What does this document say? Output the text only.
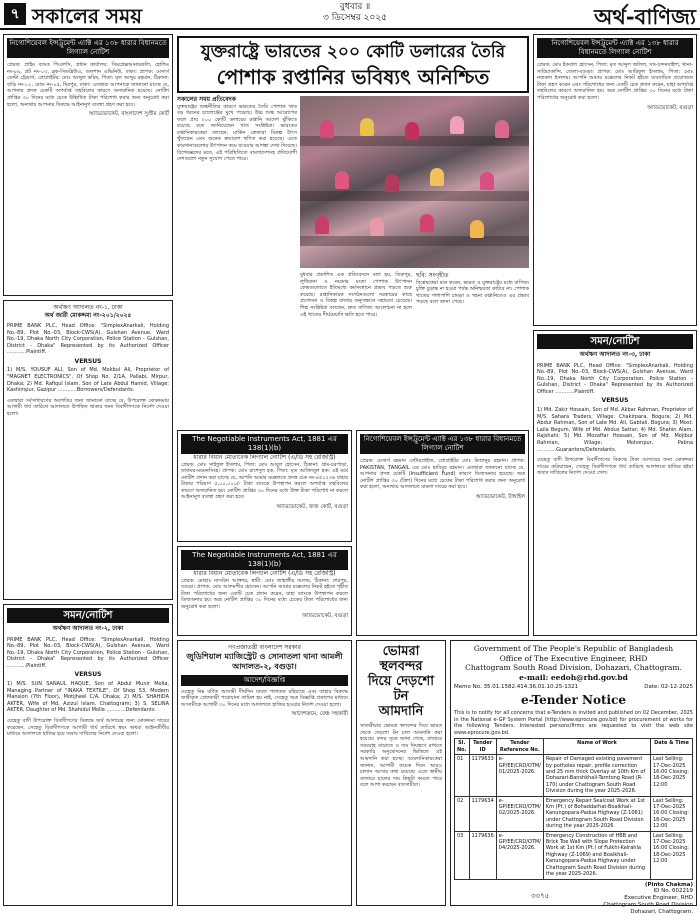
৭ সকালের সময়	বুধবার ॥
৩ ডিসেম্বর ২০২৫	অর্থ-বাণিজ্য
নিগোশিয়েবল ইন্সট্রুমেন্ট এ্যাক্ট এর ১৩৮ ধারার বিধানমতে লিগ্যাল নোটিশ
প্রেরক: প্রাইম ব্যাংক পিএলসি, প্রধান কার্যালয়: সিমপ্লেক্সআনারকলি, হোল্ডিং নং-৮৯, প্লট নং-০৩, ব্লক-সিডব্লিউএ, গুলশান এভিনিউ, ঢাকা। প্রাপক: মেসার্স ডেল্টা ট্রেডার্স, প্রোপ্রাইটর: মোঃ আব্দুল করিম, পিতা: মৃত আব্দুর রহমান, ঠিকানা: বাড়ি নং-১২, রোড নং-০৫, মিরপুর, ঢাকা। এতদ্বারা আপনাকে জানানো যাচ্ছে যে, আপনার প্রদত্ত চেকটি অপর্যাপ্ত তহবিলের কারণে অসম্মানিত হয়েছে। নোটিশ প্রাপ্তির ৩০ দিনের মধ্যে চেকে উল্লিখিত টাকা পরিশোধ করার জন্য অনুরোধ করা হলো, অন্যথায় আপনার বিরুদ্ধে আইনানুগ ব্যবস্থা গ্রহণ করা হবে।
অ্যাডভোকেট, বাংলাদেশ সুপ্রীম কোর্ট
অর্থঋণ আদালত নং-১, ঢাকা
অর্থ জারী মোকদ্দমা নং-২০১/২০২৫
PRIME BANK PLC, Head Office: "SimplexAnarkali, Holding No.-89, Plot No.-03, Block-CWS(A), Gulshan Avenue, Ward No.-19, Dhaka North City Corporation, Police Station - Gulshan, District - Dhaka" Represented by its Authorized Officer ............Plaintiff.
VERSUS
1) M/S. YOUSUF ALI, Son of Md. Mokbul Ali, Proprietor of "MAGNET ELECTRONICS", Of Shop No. 2/1A, Pallabi, Mirpur, Dhaka; 2) Md. Rafiqul Islam, Son of Late Abdul Hamid, Village: Kashimpur, Gazipur ............Borrowers/Defendants.
এতদ্বারা সর্বসাধারণের অবগতির জন্য জানানো যাচ্ছে যে, উপরোক্ত মোকদ্দমায় আগামী ধার্য তারিখে আদালতে উপস্থিত থাকার জন্য বিবাদীগণকে নির্দেশ দেওয়া হলো।
সমন/নোটিশ
অর্থঋণ আদালত নং-২, ঢাকা
PRIME BANK PLC, Head Office: "SimplexAnarkali, Holding No.-89, Plot No.-03, Block-CWS(A), Gulshan Avenue, Ward No.-19, Dhaka North City Corporation, Police Station - Gulshan, District - Dhaka" Represented by its Authorized Officer ............Plaintiff.
VERSUS
1) M/S. SUN SANAUL HAQUE, Son of Abdul Munir Molla, Managing Partner of "INAKA TEXTILE", Of Shop 53, Modern Mansion (7th Floor), Motijheel C/A, Dhaka; 2) M/S. SHAHIDA AKTER, Wife of Md. Azizul Islam, Chattogram; 3) S. SELINA AKTER, Daughter of Md. Shahidul Molla ............Defendants.
যেহেতু বাদী উপরোক্ত বিবাদীগণের বিরুদ্ধে অর্থ আদায়ের জন্য মোকদ্দমা দায়ের করেছেন, সেহেতু বিবাদীগণকে আগামী ধার্য তারিখে স্বয়ং অথবা আইনজীবীর মাধ্যমে আদালতে হাজির হয়ে জবাব দাখিলের নির্দেশ দেওয়া হলো।
যুক্তরাষ্ট্রে ভারতের ২০০ কোটি ডলারের তৈরি
পোশাক রপ্তানির ভবিষ্যৎ অনিশ্চিত
সকালের সময় প্রতিবেদক
যুক্তরাষ্ট্রের শুল্কনীতির কারণে ভারতের তৈরি পোশাক খাত বড় ধরনের চ্যালেঞ্জের মুখে পড়েছে। উচ্চ শুল্ক আরোপের ফলে প্রায় ২০০ কোটি ডলারের রপ্তানি আদেশ ঝুঁকিতে রয়েছে বলে জানিয়েছেন খাত সংশ্লিষ্টরা। ভারতের রপ্তানিকারকেরা বলছেন, মার্কিন ক্রেতারা বিকল্প উৎস খুঁজছেন এবং অনেক ক্রয়াদেশ স্থগিত করা হয়েছে। এতে কারখানাগুলোর উৎপাদন কমে যাওয়ার আশঙ্কা দেখা দিয়েছে। বিশেষজ্ঞদের মতে, এই পরিস্থিতিতে বাংলাদেশসহ প্রতিযোগী দেশগুলো নতুন সুযোগ পেতে পারে।
বুধবার প্রকাশিত এক প্রতিবেদনে বলা হয়, তিরুপুর, লুধিয়ানা ও নয়ডার মতো পোশাক উৎপাদন কেন্দ্রগুলোতে ইতিমধ্যে কর্মসংস্থানে প্রভাব পড়তে শুরু করেছে। রপ্তানিকারক সংগঠনগুলো সরকারের কাছে প্রণোদনা ও বিকল্প বাজার অনুসন্ধানে সহায়তা চেয়েছে। শিল্প সংশ্লিষ্টরা বলছেন, দ্রুত বাণিজ্য আলোচনা না হলে এই খাতের দীর্ঘমেয়াদি ক্ষতি হতে পারে।
ছবি: সংগৃহীত
বিশ্লেষকেরা মনে করেন, ভারত ও যুক্তরাষ্ট্রের মধ্যে বাণিজ্য চুক্তি চূড়ান্ত না হওয়া পর্যন্ত অনিশ্চয়তা কাটবে না। পোশাক খাতের পাশাপাশি চামড়া ও গহনা রপ্তানিতেও এর প্রভাব পড়ছে বলে জানা গেছে।
The Negotiable Instruments Act, 1881 এর 138(1)(b)
ধারার বিধান মোতাবেক লিগ্যাল নোটিশ (এ/ডি সহ রেজিস্ট্রি)
প্রেরক: মোঃ সাইফুল ইসলাম, পিতা: মোঃ আবুল হোসেন, ঠিকানা: গ্রাম-চরপাড়া, ডাকঘর-ময়মনসিংহ। প্রাপক: মোঃ রাশেদুল হক, পিতা: মৃত আজিজুল হক। এই মর্মে নোটিশ প্রদান করা যাচ্ছে যে, আপনি আমার মক্কেলকে প্রদত্ত চেক নং-৪৫১২৩৬ যাহার টাকার পরিমাণ ৫,০০,০০০/- টাকা ব্যাংকে উপস্থাপন করলে অপর্যাপ্ত তহবিলের কারণে অসম্মানিত হয়। নোটিশ প্রাপ্তির ৩০ দিনের মধ্যে উক্ত টাকা পরিশোধ না করলে আইনানুগ ব্যবস্থা গ্রহণ করা হবে।
অ্যাডভোকেট, জজ কোর্ট, বগুড়া
The Negotiable Instruments Act, 1881 এর 138(1)(b)
ধারার বিধান মোতাবেক লিগ্যাল নোটিশ (এ/ডি সহ রেজিস্ট্রি)
প্রেরক: মোছাঃ নাসরিন আক্তার, স্বামী: মোঃ জাহাঙ্গীর আলম, ঠিকানা: শেরপুর, বগুড়া। প্রাপক: মোঃ আলমগীর হোসেন। আপনি আমার মক্কেলের নিকট হইতে গৃহীত টাকা পরিশোধের জন্য একটি চেক প্রদান করেন, যাহা ব্যাংকে উপস্থাপন করলে ডিজঅনার হয়। অত্র নোটিশ প্রাপ্তির ৩০ দিনের মধ্যে চেকের টাকা পরিশোধের জন্য অনুরোধ করা হলো।
অ্যাডভোকেট, বগুড়া
নিগোশিয়েবল ইন্সট্রুমেন্ট এ্যাক্ট এর ১৩৮ ধারার বিধানমতে লিগ্যাল নোটিশ
প্রেরক: মেসার্স রহমান এন্টারপ্রাইজ, প্রোপ্রাইটর মোঃ মিজানুর রহমান। প্রাপক: PAKISTAN, TANGAIL এর মোঃ হাবিবুর রহমান। এতদ্বারা জানানো যাচ্ছে যে, আপনার প্রদত্ত চেকটি (Insufficient Fund) কারণে ডিজঅনার হয়েছে। অত্র নোটিশ প্রাপ্তির ৩০ (ত্রিশ) দিনের মধ্যে চেকের টাকা পরিশোধ করার জন্য অনুরোধ করা হলো, অন্যথায় আদালতে মামলা দায়ের করা হবে।
অ্যাডভোকেট, টাঙ্গাইল
গণপ্রজাতন্ত্রী বাংলাদেশ সরকার
জুডিশিয়াল ম্যাজিস্ট্রেট ও সোনাতলা থানা আমলী আদালত-২, বগুড়া।
আদেশ/বিজ্ঞপ্তি
যেহেতু নিম্ন বর্ণিত আসামী দীর্ঘদিন যাবত পলাতক রহিয়াছে এবং তাহার বিরুদ্ধে জারীকৃত গ্রেফতারী পরোয়ানা তামিল হয় নাই, সেহেতু অত্র বিজ্ঞপ্তি প্রকাশের মাধ্যমে আসামীকে আগামী ৩০ দিনের মধ্যে আদালতে হাজির হওয়ার নির্দেশ দেওয়া হলো।
আদেশক্রমে, বেঞ্চ সহকারী
ভোমরা স্থলবন্দর
দিয়ে দেড়শো টন
আমদানি
সাতক্ষীরার ভোমরা স্থলবন্দর দিয়ে ভারত থেকে দেড়শো টন চাল আমদানি করা হয়েছে। বন্দর সূত্রে জানা গেছে, বাজারে সরবরাহ বাড়াতে ও দাম নিয়ন্ত্রণে রাখতে সরকারি অনুমোদনের ভিত্তিতে এই আমদানি করা হচ্ছে। আমদানিকারকেরা জানান, আগামী কয়েক দিনে আরও চালান আসার কথা রয়েছে। এতে স্থানীয় বাজারে চালের দাম কিছুটা কমতে পারে বলে আশা করছেন ব্যবসায়ীরা।
নিগোশিয়েবল ইন্সট্রুমেন্ট এ্যাক্ট এর ১৩৮ ধারার বিধানমতে লিগ্যাল নোটিশ
প্রেরক: মোঃ ইকবাল হোসেন, পিতা: মৃত আব্দুল জলিল, সাং-চন্দনবাইশা, থানা-সারিয়াকান্দি, জেলা-বগুড়া। প্রাপক: মোঃ আরিফুল ইসলাম, পিতা: মোঃ নজরুল ইসলাম। আপনি আমার মক্কেলের নিকট হইতে ব্যবসায়িক প্রয়োজনে টাকা গ্রহণ করেন এবং পরিশোধের জন্য একটি চেক প্রদান করেন, যাহা অপর্যাপ্ত তহবিলের কারণে অসম্মানিত হয়। অত্র নোটিশ প্রাপ্তির ৩০ দিনের মধ্যে টাকা পরিশোধের অনুরোধ করা হলো।
অ্যাডভোকেট, বগুড়া
সমন/নোটিশ
অর্থঋণ আদালত নং-৩, ঢাকা
PRIME BANK PLC, Head Office: "SimplexAnarkali, Holding No.-89, Plot No.-03, Block-CWS(A), Gulshan Avenue, Ward No.-19, Dhaka North City Corporation, Police Station - Gulshan, District - Dhaka" Represented by its Authorized Officer ............Plaintiff.
VERSUS
1) Md. Zakir Hossain, Son of Md. Akbar Rahman, Proprietor of M/S. Sahara Traders, Village: Chakirpara, Bogura; 2) Md. Abdur Rahman, Son of Late Md. Ali, Gabtali, Bogura; 3) Most. Laila Begum, Wife of Md. Abdus Sattar; 4) Md. Shahin Alam, Rajshahi; 5) Md. Mozaffar Hossain, Son of Md. Mojibur Rahman, Village: Mohonpur, Pabna ............Guarantors/Defendants.
যেহেতু বাদী উপরোক্ত বিবাদীগণের বিরুদ্ধে টাকা আদায়ের জন্য মোকদ্দমা দায়ের করিয়াছেন, সেহেতু বিবাদীগণকে ধার্য তারিখে আদালতে হাজির হইয়া জবাব দাখিলের নির্দেশ দেওয়া গেল।
Government of The People's Republic of Bangladesh
Office of The Executive Engineer, RHD
Chattogram South Road Division, Dohazari, Chattogram.
e-mail: eedoh@rhd.gov.bd
Memo No. 35.01.1582.414.36.01.10.25-1321	Date: 02-12-2025
e-Tender Notice
This is to notify for all concerns that e-Tenders is invited and published on 02 December, 2025 in the National e-GP System Portal (http://www.eprocure.gov.bd) for procurement of works for the following Tenders. Interested persons/firms are requested to visit the web site www.eprocure.gov.bd.
Sl. No.	Tender ID	Tender Reference No.	Name of Work	Date & Time
01	1179633	e-GP/EE/CRD/OTM/ 01/2025-2026.	Repair of Damaged existing pavement by potholes repair, profile correction and 25 mm thick Overlay at 10th Km of Dohazari-Banshkhali-Tamtong Road (R-170) under Chattogram South Road Division during the year 2025-2026.	Last Selling: 17-Dec-2025 16:00 Closing: 18-Dec-2025 12:00
02	1179634	e-GP/EE/CRD/OTM/ 02/2025-2026.	Emergency Repair Sealcoat Work at 1st Km (Pt.) of Bohaddarhat-Boalkhali-Kanungopara-Padua Highway (Z-1061) under Chattogram South Road Division during the year 2025-2026.	Last Selling: 17-Dec-2025 16:00 Closing: 18-Dec-2025 12:00
03	1179636	e-GP/EE/CRD/OTM/ 04/2025-2026.	Emergency Construction of HBB and Brick Toe Wall with Slope Protection Work at 1st Km (Pt.) of Fulkhi-Kelrahla Highway (Z-1069) and Boalkhali-Kanungopara-Padua Highway under Chattogram South Road Division during the year 2025-2026.	Last Selling: 17-Dec-2025 16:00 Closing: 18-Dec-2025 12:00
(Pinto Chakma)
ID No. 602219
Executive Engineer, RHD
Chattogram South Road Division
Dohazari, Chattogram.
৩৩৭৫
